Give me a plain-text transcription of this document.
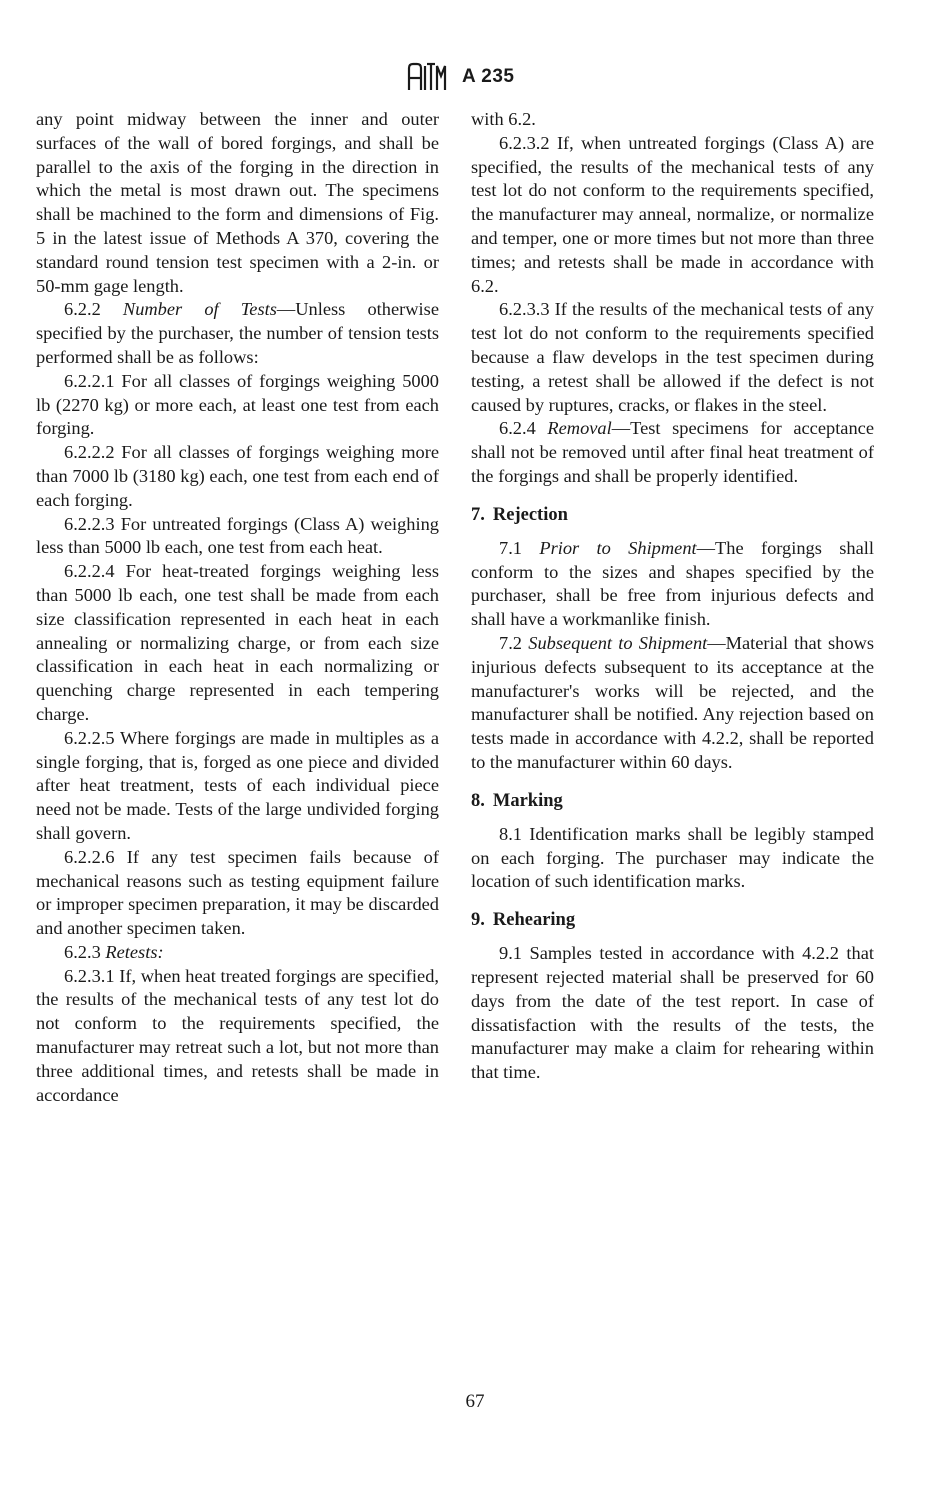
A 235

any point midway between the inner and outer surfaces of the wall of bored forgings, and shall be parallel to the axis of the forging in the direction in which the metal is most drawn out. The specimens shall be machined to the form and dimensions of Fig. 5 in the latest issue of Methods A 370, covering the standard round tension test specimen with a 2-in. or 50-mm gage length.

6.2.2 Number of Tests—Unless otherwise specified by the purchaser, the number of tension tests performed shall be as follows:

6.2.2.1 For all classes of forgings weighing 5000 lb (2270 kg) or more each, at least one test from each forging.

6.2.2.2 For all classes of forgings weighing more than 7000 lb (3180 kg) each, one test from each end of each forging.

6.2.2.3 For untreated forgings (Class A) weighing less than 5000 lb each, one test from each heat.

6.2.2.4 For heat-treated forgings weighing less than 5000 lb each, one test shall be made from each size classification represented in each heat in each annealing or normalizing charge, or from each size classification in each heat in each normalizing or quenching charge represented in each tempering charge.

6.2.2.5 Where forgings are made in multiples as a single forging, that is, forged as one piece and divided after heat treatment, tests of each individual piece need not be made. Tests of the large undivided forging shall govern.

6.2.2.6 If any test specimen fails because of mechanical reasons such as testing equipment failure or improper specimen preparation, it may be discarded and another specimen taken.

6.2.3 Retests:

6.2.3.1 If, when heat treated forgings are specified, the results of the mechanical tests of any test lot do not conform to the requirements specified, the manufacturer may retreat such a lot, but not more than three additional times, and retests shall be made in accordance

with 6.2.

6.2.3.2 If, when untreated forgings (Class A) are specified, the results of the mechanical tests of any test lot do not conform to the requirements specified, the manufacturer may anneal, normalize, or normalize and temper, one or more times but not more than three times; and retests shall be made in accordance with 6.2.

6.2.3.3 If the results of the mechanical tests of any test lot do not conform to the requirements specified because a flaw develops in the test specimen during testing, a retest shall be allowed if the defect is not caused by ruptures, cracks, or flakes in the steel.

6.2.4 Removal—Test specimens for acceptance shall not be removed until after final heat treatment of the forgings and shall be properly identified.

7. Rejection

7.1 Prior to Shipment—The forgings shall conform to the sizes and shapes specified by the purchaser, shall be free from injurious defects and shall have a workmanlike finish.

7.2 Subsequent to Shipment—Material that shows injurious defects subsequent to its acceptance at the manufacturer's works will be rejected, and the manufacturer shall be notified. Any rejection based on tests made in accordance with 4.2.2, shall be reported to the manufacturer within 60 days.

8. Marking

8.1 Identification marks shall be legibly stamped on each forging. The purchaser may indicate the location of such identification marks.

9. Rehearing

9.1 Samples tested in accordance with 4.2.2 that represent rejected material shall be preserved for 60 days from the date of the test report. In case of dissatisfaction with the results of the tests, the manufacturer may make a claim for rehearing within that time.

67
